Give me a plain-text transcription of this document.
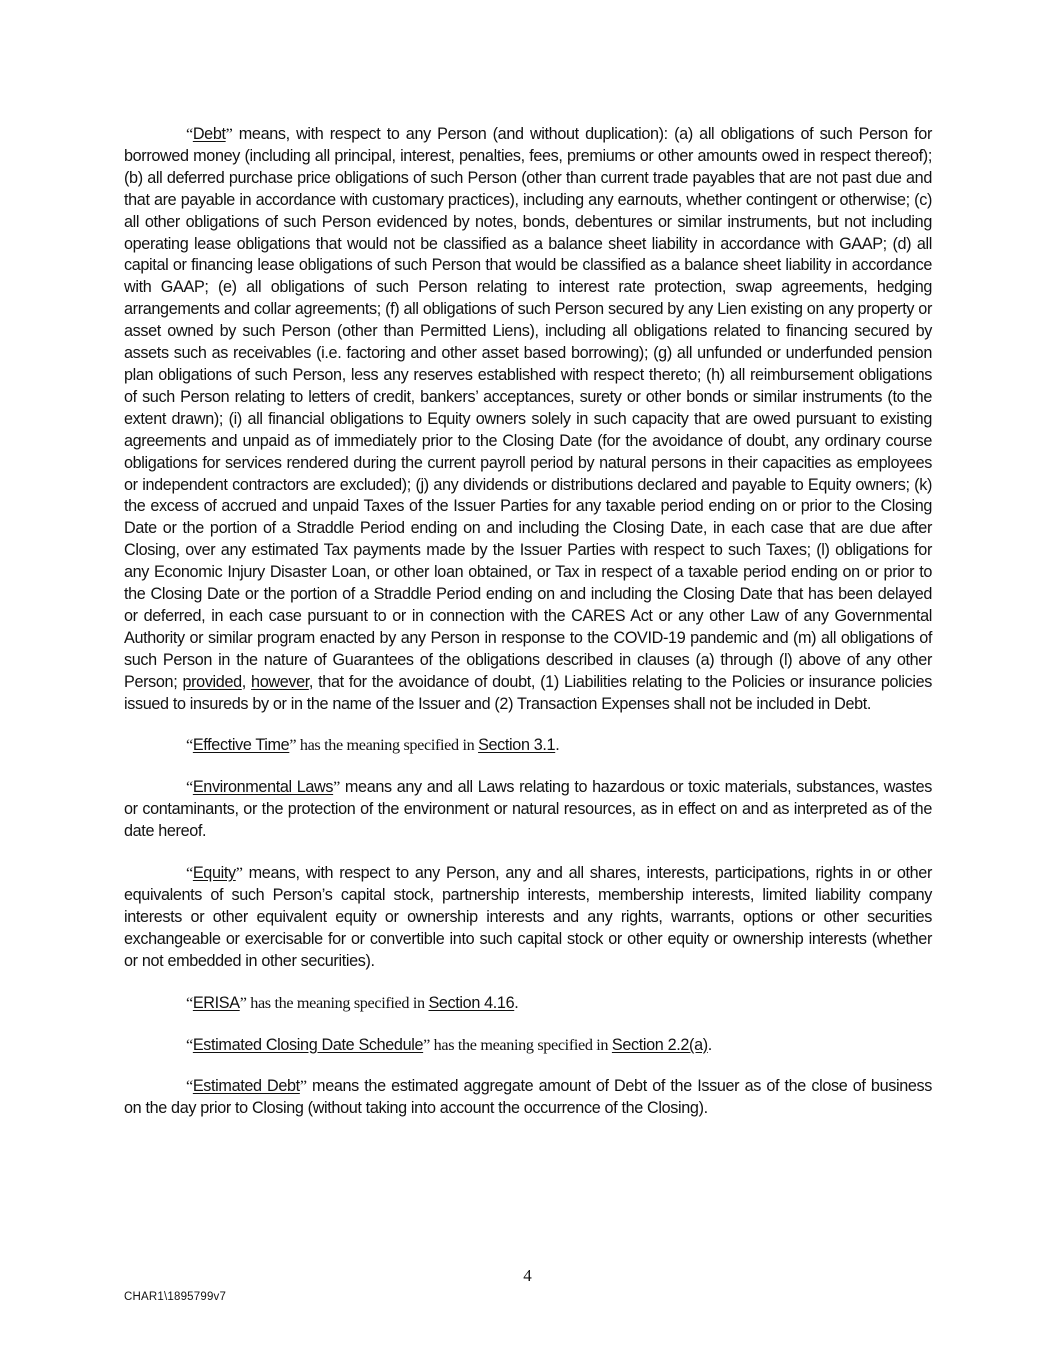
“Debt” means, with respect to any Person (and without duplication): (a) all obligations of such Person for borrowed money (including all principal, interest, penalties, fees, premiums or other amounts owed in respect thereof); (b) all deferred purchase price obligations of such Person (other than current trade payables that are not past due and that are payable in accordance with customary practices), including any earnouts, whether contingent or otherwise; (c) all other obligations of such Person evidenced by notes, bonds, debentures or similar instruments, but not including operating lease obligations that would not be classified as a balance sheet liability in accordance with GAAP; (d) all capital or financing lease obligations of such Person that would be classified as a balance sheet liability in accordance with GAAP; (e) all obligations of such Person relating to interest rate protection, swap agreements, hedging arrangements and collar agreements; (f) all obligations of such Person secured by any Lien existing on any property or asset owned by such Person (other than Permitted Liens), including all obligations related to financing secured by assets such as receivables (i.e. factoring and other asset based borrowing); (g) all unfunded or underfunded pension plan obligations of such Person, less any reserves established with respect thereto; (h) all reimbursement obligations of such Person relating to letters of credit, bankers’ acceptances, surety or other bonds or similar instruments (to the extent drawn); (i) all financial obligations to Equity owners solely in such capacity that are owed pursuant to existing agreements and unpaid as of immediately prior to the Closing Date (for the avoidance of doubt, any ordinary course obligations for services rendered during the current payroll period by natural persons in their capacities as employees or independent contractors are excluded); (j) any dividends or distributions declared and payable to Equity owners; (k) the excess of accrued and unpaid Taxes of the Issuer Parties for any taxable period ending on or prior to the Closing Date or the portion of a Straddle Period ending on and including the Closing Date, in each case that are due after Closing, over any estimated Tax payments made by the Issuer Parties with respect to such Taxes; (l) obligations for any Economic Injury Disaster Loan, or other loan obtained, or Tax in respect of a taxable period ending on or prior to the Closing Date or the portion of a Straddle Period ending on and including the Closing Date that has been delayed or deferred, in each case pursuant to or in connection with the CARES Act or any other Law of any Governmental Authority or similar program enacted by any Person in response to the COVID-19 pandemic and (m) all obligations of such Person in the nature of Guarantees of the obligations described in clauses (a) through (l) above of any other Person; provided, however, that for the avoidance of doubt, (1) Liabilities relating to the Policies or insurance policies issued to insureds by or in the name of the Issuer and (2) Transaction Expenses shall not be included in Debt.

“Effective Time” has the meaning specified in Section 3.1.

“Environmental Laws” means any and all Laws relating to hazardous or toxic materials, substances, wastes or contaminants, or the protection of the environment or natural resources, as in effect on and as interpreted as of the date hereof.

“Equity” means, with respect to any Person, any and all shares, interests, participations, rights in or other equivalents of such Person’s capital stock, partnership interests, membership interests, limited liability company interests or other equivalent equity or ownership interests and any rights, warrants, options or other securities exchangeable or exercisable for or convertible into such capital stock or other equity or ownership interests (whether or not embedded in other securities).

“ERISA” has the meaning specified in Section 4.16.

“Estimated Closing Date Schedule” has the meaning specified in Section 2.2(a).

“Estimated Debt” means the estimated aggregate amount of Debt of the Issuer as of the close of business on the day prior to Closing (without taking into account the occurrence of the Closing).

4
CHAR1\1895799v7
